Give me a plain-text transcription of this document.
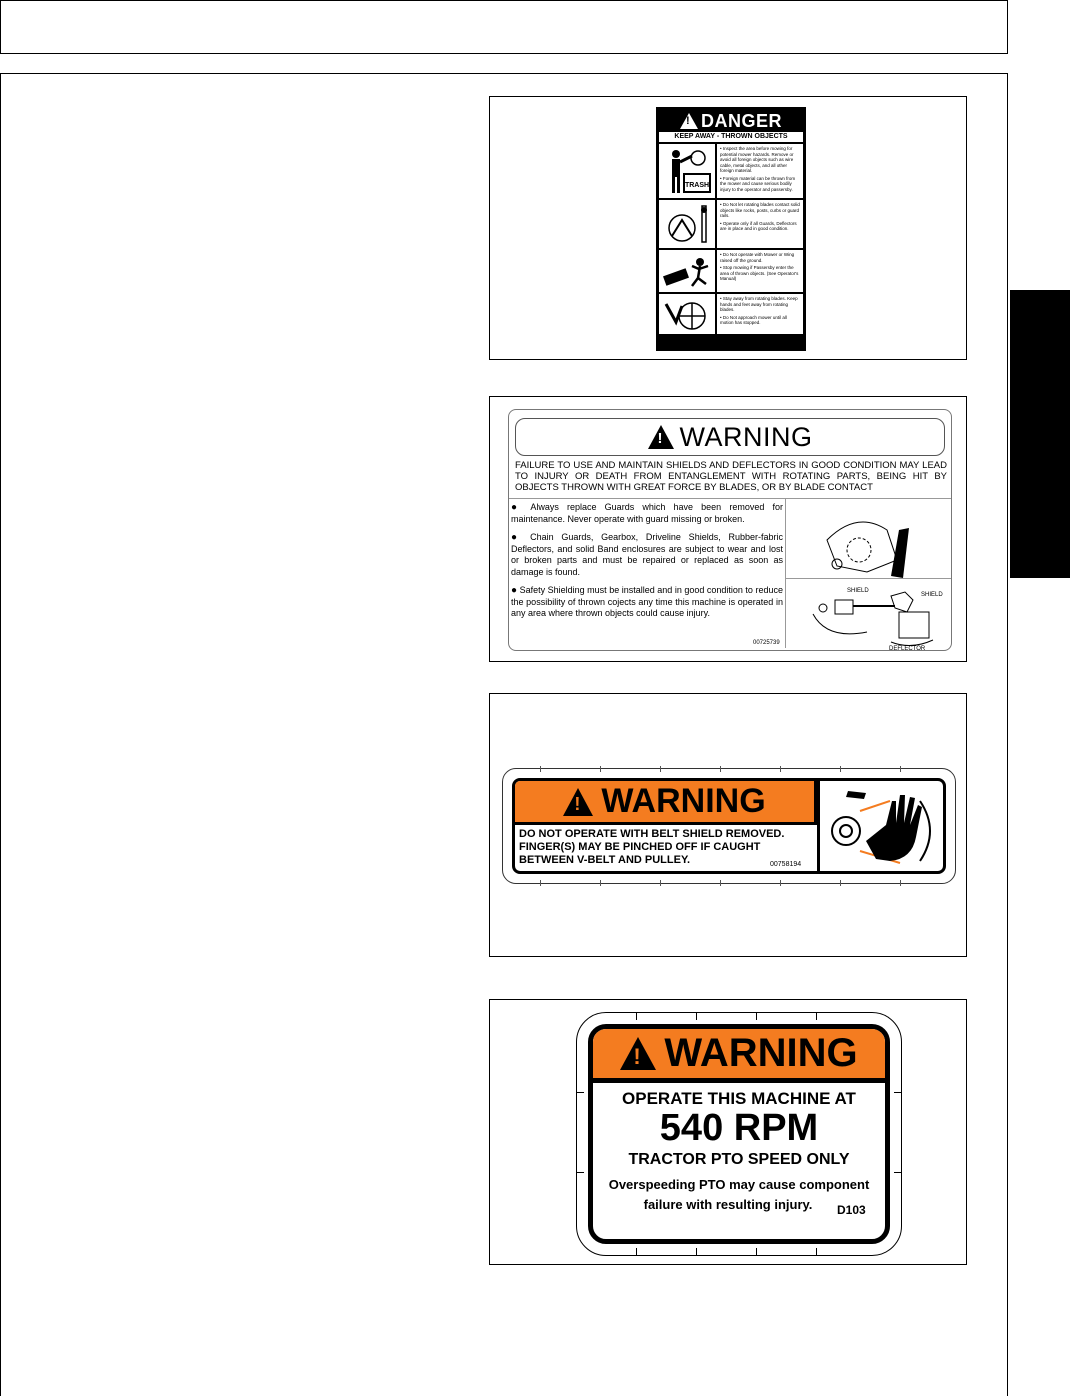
!
DANGER
KEEP AWAY - THROWN OBJECTS
TRASH

• Inspect the area before mowing for potential mower hazards. Remove or avoid all foreign objects such as wire cable, metal objects, and all other foreign material.

• Foreign material can be thrown from the mower and cause serious bodily injury to the operator and passersby.

• Do Not let rotating blades contact solid objects like rocks, posts, curbs or guard rails.

• Operate only if all Guards, Deflectors are in place and in good condition.

• Do Not operate with Mower or Wing raised off the ground.

• Stop mowing if Passersby enter the area of thrown objects. (See Operator's Manual)

• Stay away from rotating blades. Keep hands and feet away from rotating blades.

• Do Not approach mower until all motion has stopped.

32911035
!
WARNING
FAILURE TO USE AND MAINTAIN SHIELDS AND DEFLECTORS IN GOOD CONDITION MAY LEAD TO INJURY OR DEATH FROM ENTANGLEMENT WITH ROTATING PARTS, BEING HIT BY OBJECTS THROWN WITH GREAT FORCE BY BLADES, OR BY BLADE CONTACT

● Always replace Guards which have been removed for maintenance. Never operate with guard missing or broken.

● Chain Guards, Gearbox, Driveline Shields, Rubber-fabric Deflectors, and solid Band enclosures are subject to wear and lost or broken parts and must be repaired or replaced as soon as damage is found.

● Safety Shielding must be installed and in good condition to reduce the possibility of thrown cojects any time this machine is operated in any area where thrown objects could cause injury.

00725739
SHIELD
SHIELD
DEFLECTOR
!
WARNING
DO NOT OPERATE WITH BELT SHIELD REMOVED.
FINGER(S) MAY BE PINCHED OFF IF CAUGHT
BETWEEN V-BELT AND PULLEY.	00758194
!
WARNING
OPERATE THIS MACHINE AT
540 RPM
TRACTOR PTO SPEED ONLY
Overspeeding PTO may cause component
failure with resulting injury.	D103
